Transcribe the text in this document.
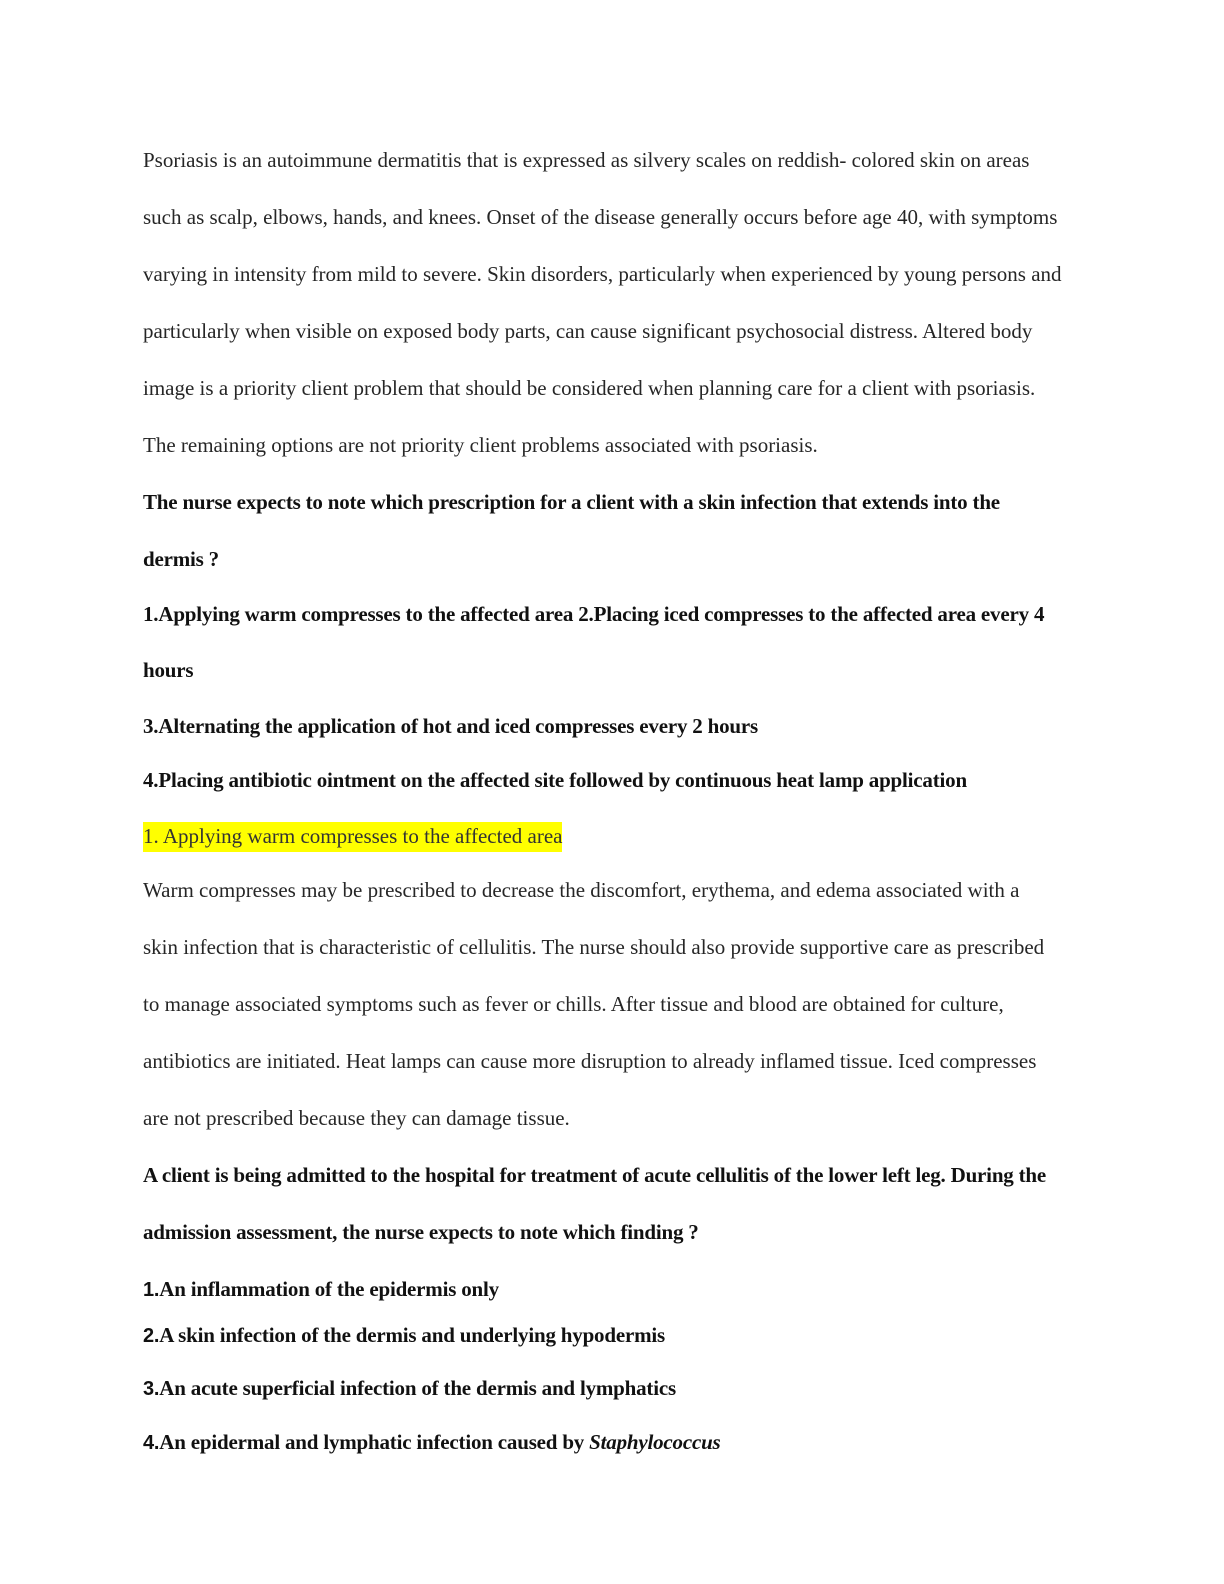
Psoriasis is an autoimmune dermatitis that is expressed as silvery scales on reddish- colored skin on areas
such as scalp, elbows, hands, and knees. Onset of the disease generally occurs before age 40, with symptoms
varying in intensity from mild to severe. Skin disorders, particularly when experienced by young persons and
particularly when visible on exposed body parts, can cause significant psychosocial distress. Altered body
image is a priority client problem that should be considered when planning care for a client with psoriasis.
The remaining options are not priority client problems associated with psoriasis.
The nurse expects to note which prescription for a client with a skin infection that extends into the
dermis ?
1.Applying warm compresses to the affected area 2.Placing iced compresses to the affected area every 4
hours
3.Alternating the application of hot and iced compresses every 2 hours
4.Placing antibiotic ointment on the affected site followed by continuous heat lamp application
1. Applying warm compresses to the affected area
Warm compresses may be prescribed to decrease the discomfort, erythema, and edema associated with a
skin infection that is characteristic of cellulitis. The nurse should also provide supportive care as prescribed
to manage associated symptoms such as fever or chills. After tissue and blood are obtained for culture,
antibiotics are initiated. Heat lamps can cause more disruption to already inflamed tissue. Iced compresses
are not prescribed because they can damage tissue.
A client is being admitted to the hospital for treatment of acute cellulitis of the lower left leg. During the
admission assessment, the nurse expects to note which finding ?
1.An inflammation of the epidermis only
2.A skin infection of the dermis and underlying hypodermis
3.An acute superficial infection of the dermis and lymphatics
4.An epidermal and lymphatic infection caused by Staphylococcus
